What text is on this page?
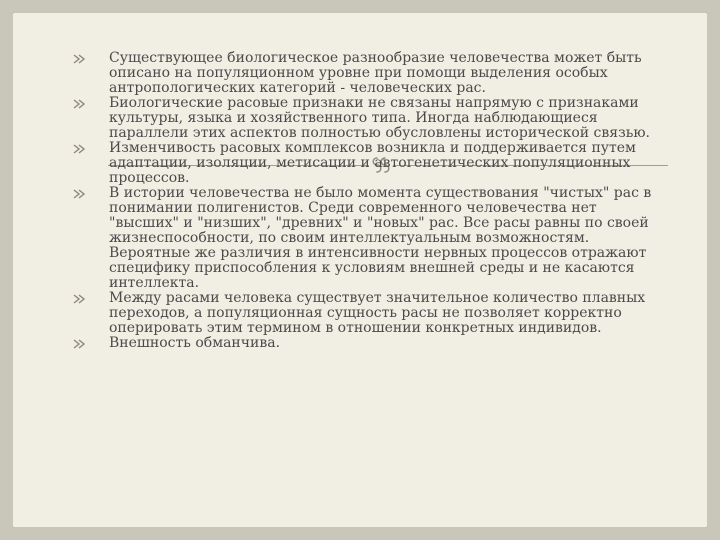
Существующее биологическое разнообразие человечества может быть описано на популяционном уровне при помощи выделения особых антропологических категорий - человеческих рас.
Биологические расовые признаки не связаны напрямую с признаками культуры, языка и хозяйственного типа. Иногда наблюдающиеся параллели этих аспектов полностью обусловлены исторической связью.
Изменчивость расовых комплексов возникла и поддерживается путем адаптации, изоляции, метисации и автогенетических популяционных процессов.
В истории человечества не было момента существования "чистых" рас в понимании полигенистов. Среди современного человечества нет "высших" и "низших", "древних" и "новых" рас. Все расы равны по своей жизнеспособности, по своим интеллектуальным возможностям. Вероятные же различия в интенсивности нервных процессов отражают специфику приспособления к условиям внешней среды и не касаются интеллекта.
Между расами человека существует значительное количество плавных переходов, а популяционная сущность расы не позволяет корректно оперировать этим термином в отношении конкретных индивидов.
Внешность обманчива.
